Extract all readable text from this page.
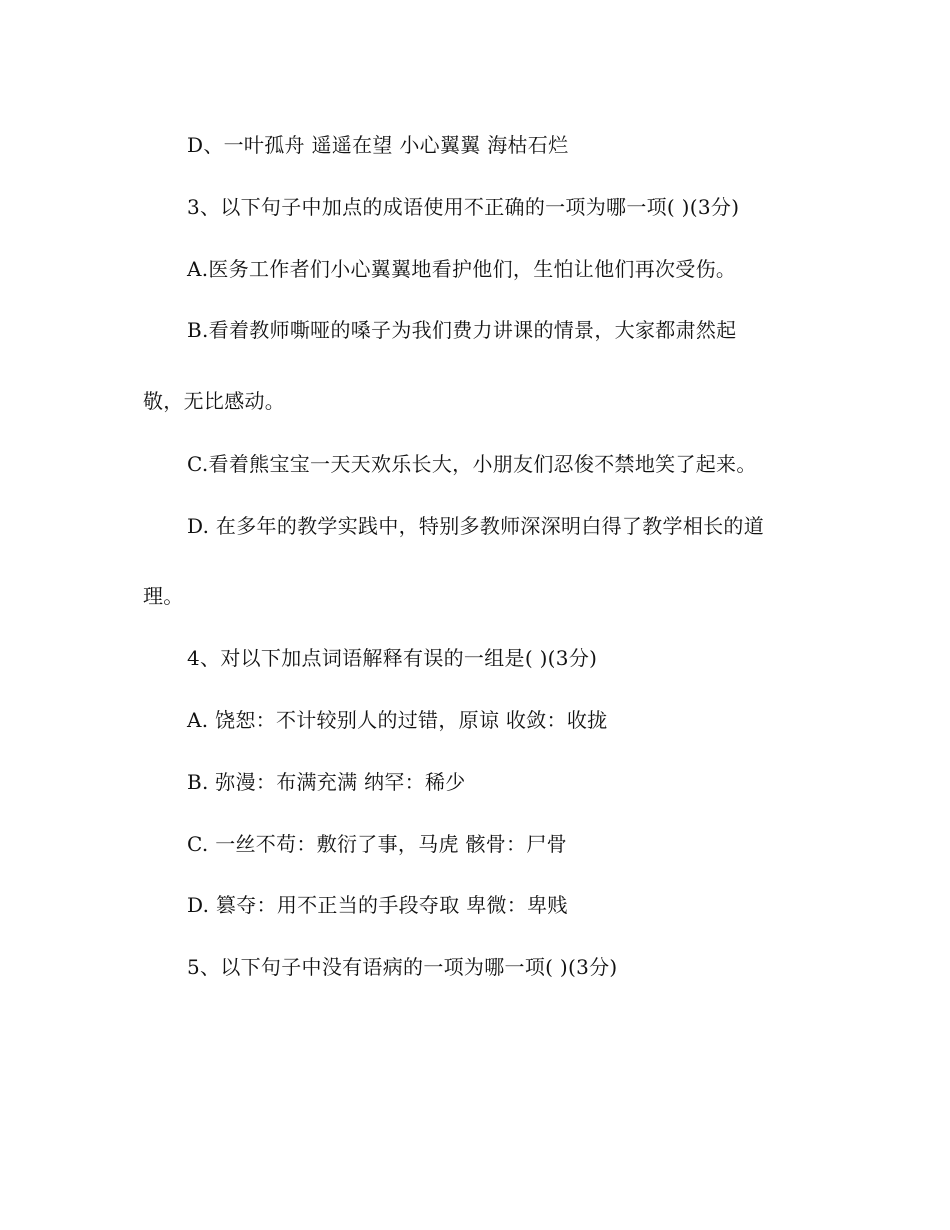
D、一叶孤舟 遥遥在望 小心翼翼 海枯石烂
3、以下句子中加点的成语使用不正确的一项为哪一项( )(3分)
A.医务工作者们小心翼翼地看护他们，生怕让他们再次受伤。
B.看着教师嘶哑的嗓子为我们费力讲课的情景，大家都肃然起
敬，无比感动。
C.看着熊宝宝一天天欢乐长大，小朋友们忍俊不禁地笑了起来。
D. 在多年的教学实践中，特别多教师深深明白得了教学相长的道
理。
4、对以下加点词语解释有误的一组是( )(3分)
A. 饶恕：不计较别人的过错，原谅 收敛：收拢
B. 弥漫：布满充满 纳罕：稀少
C. 一丝不苟：敷衍了事，马虎 骸骨：尸骨
D. 篡夺：用不正当的手段夺取 卑微：卑贱
5、以下句子中没有语病的一项为哪一项( )(3分)
